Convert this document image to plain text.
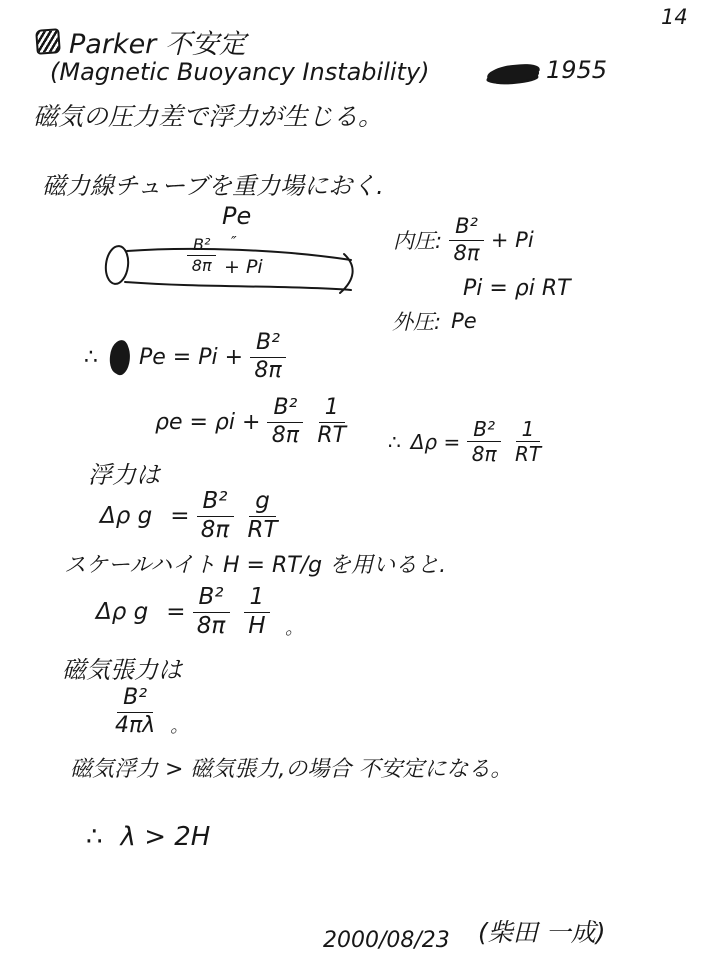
14
Parker 不安定
(Magnetic Buoyancy Instability)	1955
磁気の圧力差で浮力が生じる。
磁力線チューブを重力場におく.
Pe
″
$\frac{\text{B²}}{8\pi} + Pi$
内圧: $\frac{\text{B²}}{8\pi} + Pi$
Pi = ρi RT
外圧: Pe
∴ $Pe = Pi + \frac{\text{B²}}{8\pi}$
$\rho e = \rho i + \frac{\text{B²}}{8\pi} \frac{1}{RT}$ ∴ $\Delta\rho = \frac{\text{B²}}{8\pi} \frac{1}{RT}$
浮力は
Δρ $g = \frac{\text{B²}}{8\pi} \frac{g}{RT}$
スケールハイト H = RT/g を用いると.
Δρ $g = \frac{\text{B²}}{8\pi} \frac{1}{H}$ 。
磁気張力は
$\frac{\text{B²}}{4\pi\lambda}$ 。
磁気浮力 > 磁気張力,の場合 不安定になる。
∴ λ > 2H
2000/08/23 (柴田 一成)
